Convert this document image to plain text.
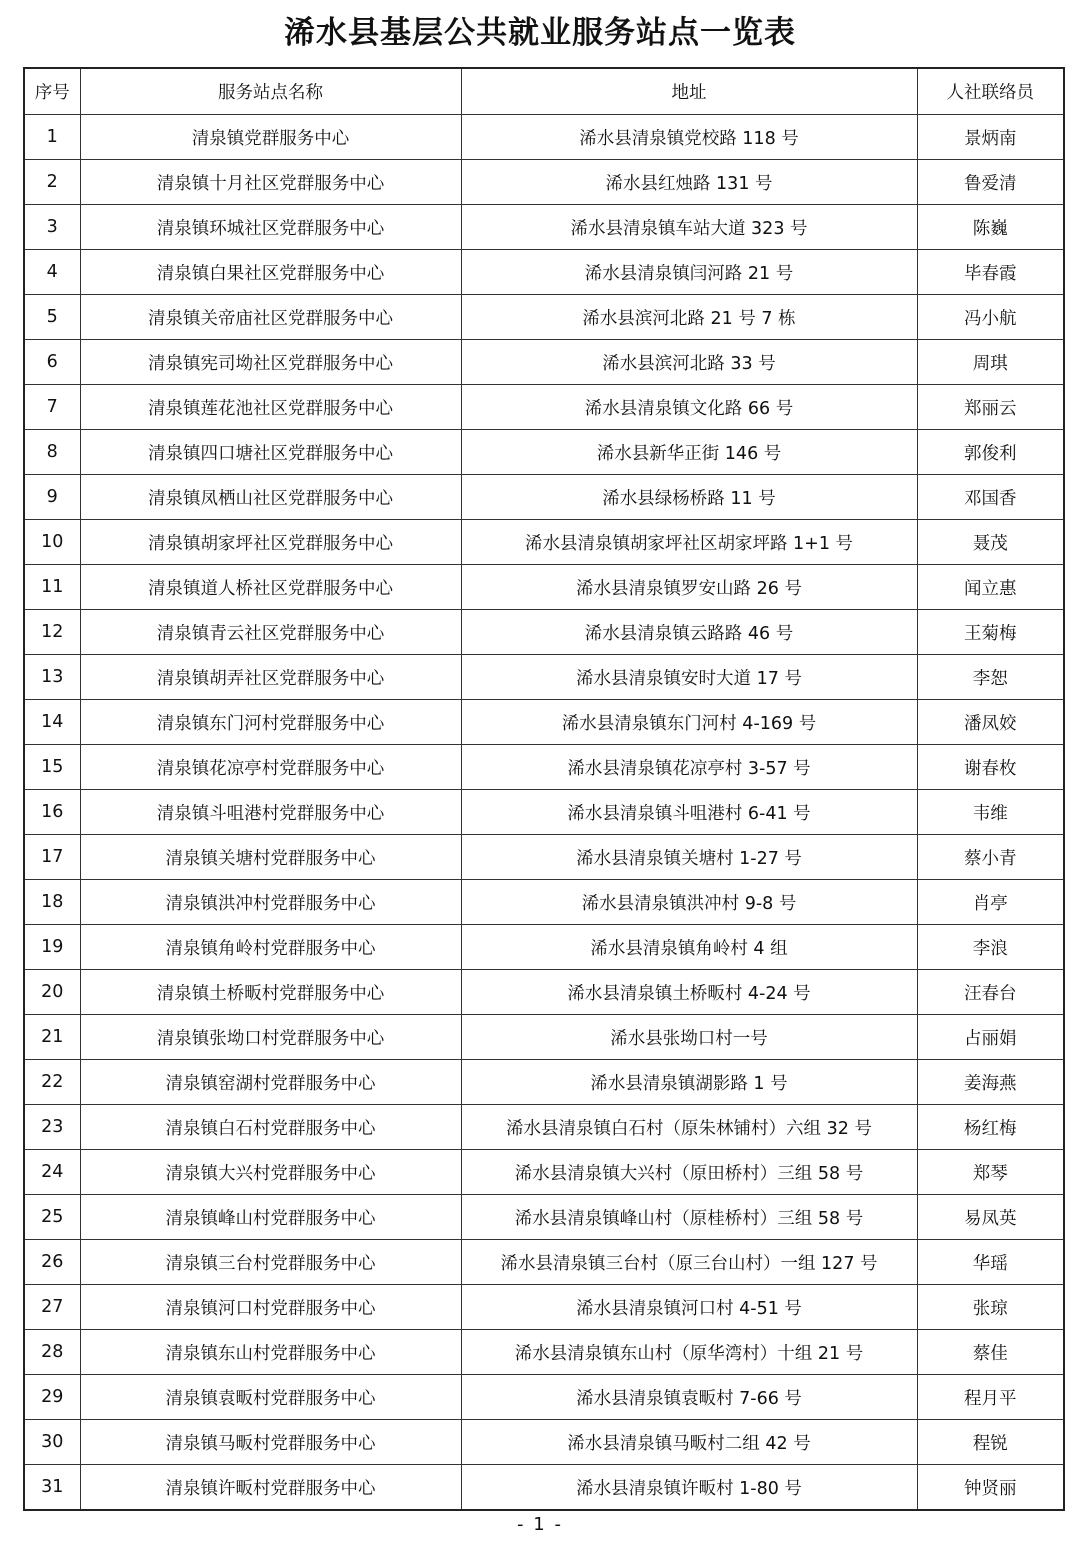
浠水县基层公共就业服务站点一览表
序号	服务站点名称	地址	人社联络员
1	清泉镇党群服务中心	浠水县清泉镇党校路 118 号	景炳南
2	清泉镇十月社区党群服务中心	浠水县红烛路 131 号	鲁爱清
3	清泉镇环城社区党群服务中心	浠水县清泉镇车站大道 323 号	陈巍
4	清泉镇白果社区党群服务中心	浠水县清泉镇闫河路 21 号	毕春霞
5	清泉镇关帝庙社区党群服务中心	浠水县滨河北路 21 号 7 栋	冯小航
6	清泉镇宪司坳社区党群服务中心	浠水县滨河北路 33 号	周琪
7	清泉镇莲花池社区党群服务中心	浠水县清泉镇文化路 66 号	郑丽云
8	清泉镇四口塘社区党群服务中心	浠水县新华正街 146 号	郭俊利
9	清泉镇凤栖山社区党群服务中心	浠水县绿杨桥路 11 号	邓国香
10	清泉镇胡家坪社区党群服务中心	浠水县清泉镇胡家坪社区胡家坪路 1+1 号	聂茂
11	清泉镇道人桥社区党群服务中心	浠水县清泉镇罗安山路 26 号	闻立惠
12	清泉镇青云社区党群服务中心	浠水县清泉镇云路路 46 号	王菊梅
13	清泉镇胡弄社区党群服务中心	浠水县清泉镇安时大道 17 号	李恕
14	清泉镇东门河村党群服务中心	浠水县清泉镇东门河村 4-169 号	潘凤姣
15	清泉镇花凉亭村党群服务中心	浠水县清泉镇花凉亭村 3-57 号	谢春枚
16	清泉镇斗咀港村党群服务中心	浠水县清泉镇斗咀港村 6-41 号	韦维
17	清泉镇关塘村党群服务中心	浠水县清泉镇关塘村 1-27 号	蔡小青
18	清泉镇洪冲村党群服务中心	浠水县清泉镇洪冲村 9-8 号	肖亭
19	清泉镇角岭村党群服务中心	浠水县清泉镇角岭村 4 组	李浪
20	清泉镇土桥畈村党群服务中心	浠水县清泉镇土桥畈村 4-24 号	汪春台
21	清泉镇张坳口村党群服务中心	浠水县张坳口村一号	占丽娟
22	清泉镇窑湖村党群服务中心	浠水县清泉镇湖影路 1 号	姜海燕
23	清泉镇白石村党群服务中心	浠水县清泉镇白石村（原朱林铺村）六组 32 号	杨红梅
24	清泉镇大兴村党群服务中心	浠水县清泉镇大兴村（原田桥村）三组 58 号	郑琴
25	清泉镇峰山村党群服务中心	浠水县清泉镇峰山村（原桂桥村）三组 58 号	易凤英
26	清泉镇三台村党群服务中心	浠水县清泉镇三台村（原三台山村）一组 127 号	华瑶
27	清泉镇河口村党群服务中心	浠水县清泉镇河口村 4-51 号	张琼
28	清泉镇东山村党群服务中心	浠水县清泉镇东山村（原华湾村）十组 21 号	蔡佳
29	清泉镇袁畈村党群服务中心	浠水县清泉镇袁畈村 7-66 号	程月平
30	清泉镇马畈村党群服务中心	浠水县清泉镇马畈村二组 42 号	程锐
31	清泉镇许畈村党群服务中心	浠水县清泉镇许畈村 1-80 号	钟贤丽
- 1 -
